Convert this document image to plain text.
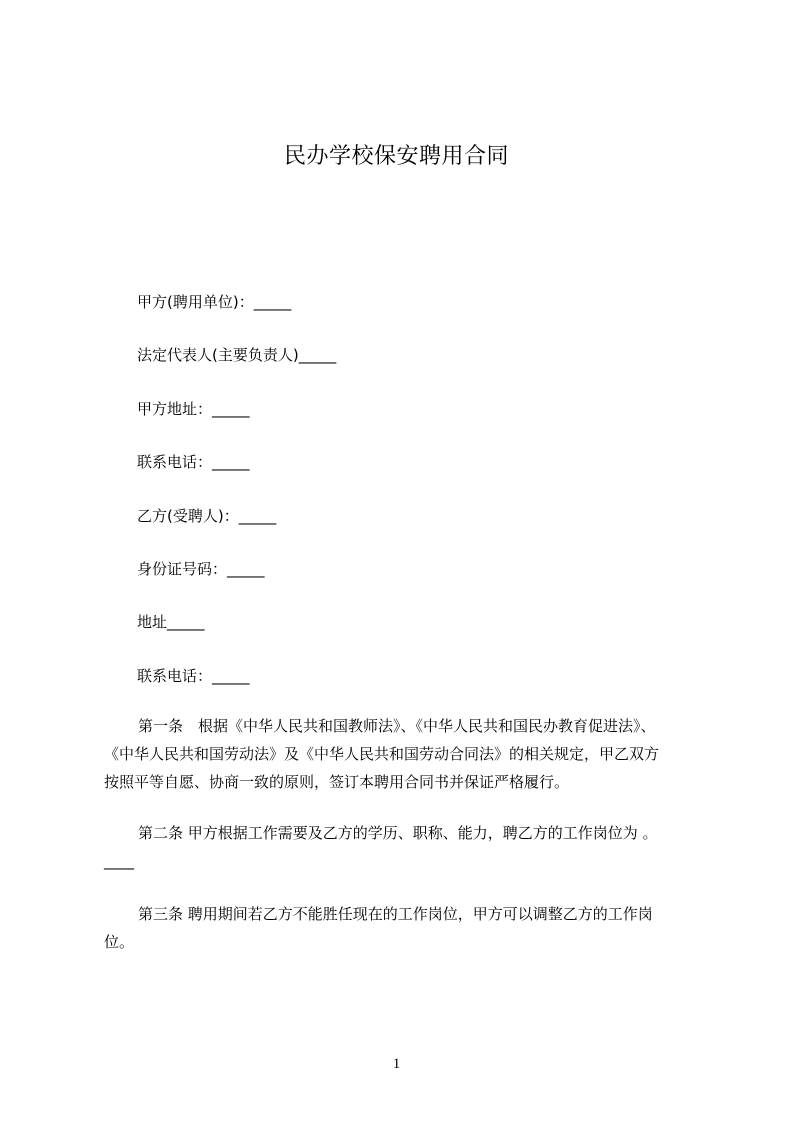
民办学校保安聘用合同
甲方(聘用单位)：_____
法定代表人(主要负责人)_____
甲方地址：_____
联系电话：_____
乙方(受聘人)：_____
身份证号码：_____
地址_____
联系电话：_____
第一条　根据《中华人民共和国教师法》、《中华人民共和国民办教育促进法》、
《中华人民共和国劳动法》及《中华人民共和国劳动合同法》的相关规定，甲乙双方
按照平等自愿、协商一致的原则，签订本聘用合同书并保证严格履行。
第二条 甲方根据工作需要及乙方的学历、职称、能力，聘乙方的工作岗位为 。
____
第三条 聘用期间若乙方不能胜任现在的工作岗位，甲方可以调整乙方的工作岗
位。
1
